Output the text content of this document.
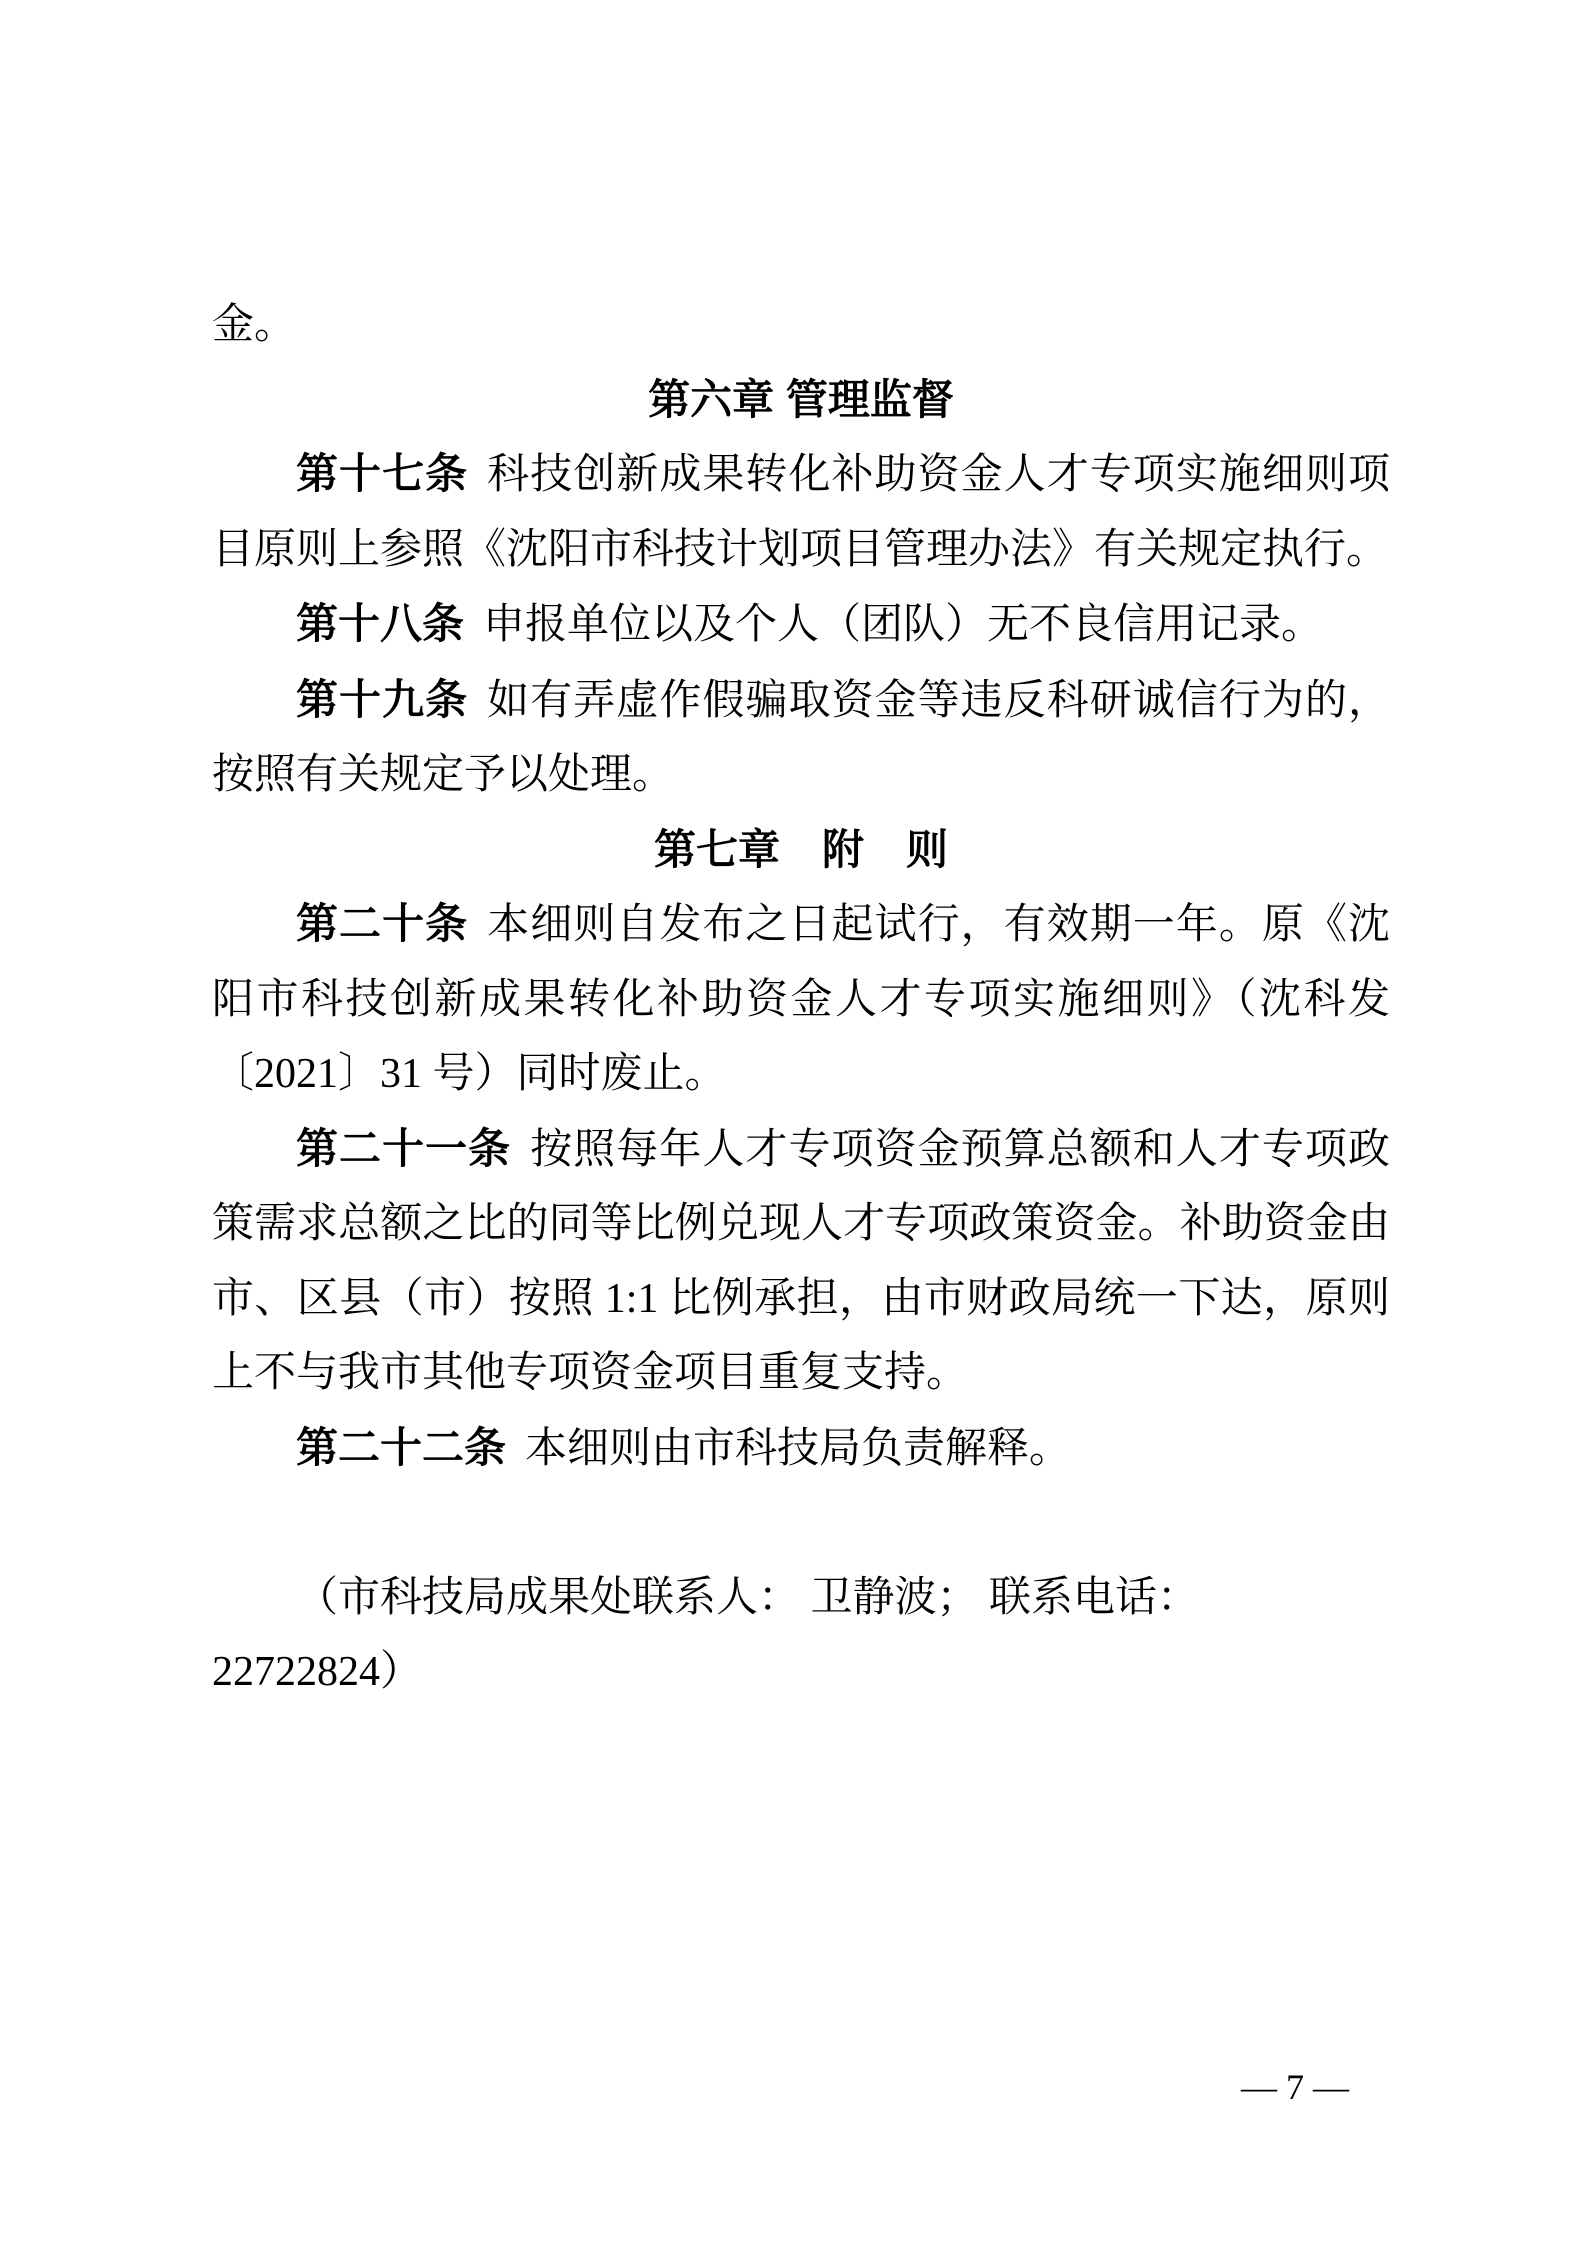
金。

第六章 管理监督

第十七条 科技创新成果转化补助资金人才专项实施细则项目原则上参照《沈阳市科技计划项目管理办法》有关规定执行。

第十八条 申报单位以及个人（团队）无不良信用记录。

第十九条 如有弄虚作假骗取资金等违反科研诚信行为的，按照有关规定予以处理。

第七章　附　则

第二十条 本细则自发布之日起试行，有效期一年。原《沈阳市科技创新成果转化补助资金人才专项实施细则》（沈科发〔2021〕31 号）同时废止。

第二十一条 按照每年人才专项资金预算总额和人才专项政策需求总额之比的同等比例兑现人才专项政策资金。补助资金由市、区县（市）按照 1:1 比例承担，由市财政局统一下达，原则上不与我市其他专项资金项目重复支持。

第二十二条 本细则由市科技局负责解释。

（市科技局成果处联系人： 卫静波； 联系电话： 22722824）

— 7 —
